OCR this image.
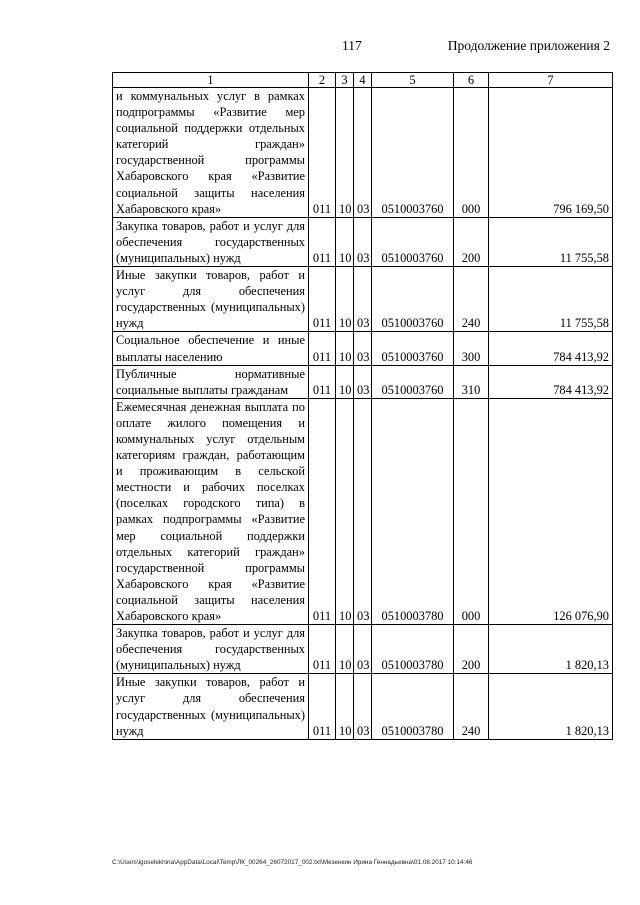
117	Продолжение приложения 2
1	2	3	4	5	6	7
и коммунальных услуг в рамках подпрограммы «Развитие мер социальной поддержки отдельных категорий граждан» государственной программы Хабаровского края «Развитие социальной защиты населения Хабаровского края»	011	10	03	0510003760	000	796 169,50
Закупка товаров, работ и услуг для обеспечения государственных (муниципальных) нужд	011	10	03	0510003760	200	11 755,58
Иные закупки товаров, работ и услуг для обеспечения государственных (муниципальных) нужд	011	10	03	0510003760	240	11 755,58
Социальное обеспечение и иные выплаты населению	011	10	03	0510003760	300	784 413,92
Публичные нормативные социальные выплаты гражданам	011	10	03	0510003760	310	784 413,92
Ежемесячная денежная выплата по оплате жилого помещения и коммунальных услуг отдельным категориям граждан, работающим и проживающим в сельской местности и рабочих поселках (поселках городского типа) в рамках подпрограммы «Развитие мер социальной поддержки отдельных категорий граждан» государственной программы Хабаровского края «Развитие социальной защиты населения Хабаровского края»	011	10	03	0510003780	000	126 076,90
Закупка товаров, работ и услуг для обеспечения государственных (муниципальных) нужд	011	10	03	0510003780	200	1 820,13
Иные закупки товаров, работ и услуг для обеспечения государственных (муниципальных) нужд	011	10	03	0510003780	240	1 820,13
C:\Users\iguselekhina\AppData\Local\Temp\ЛК_00264_26072017_002.txt\Мезенкин Ирина Геннадьевна\01.08.2017 10:14:46
